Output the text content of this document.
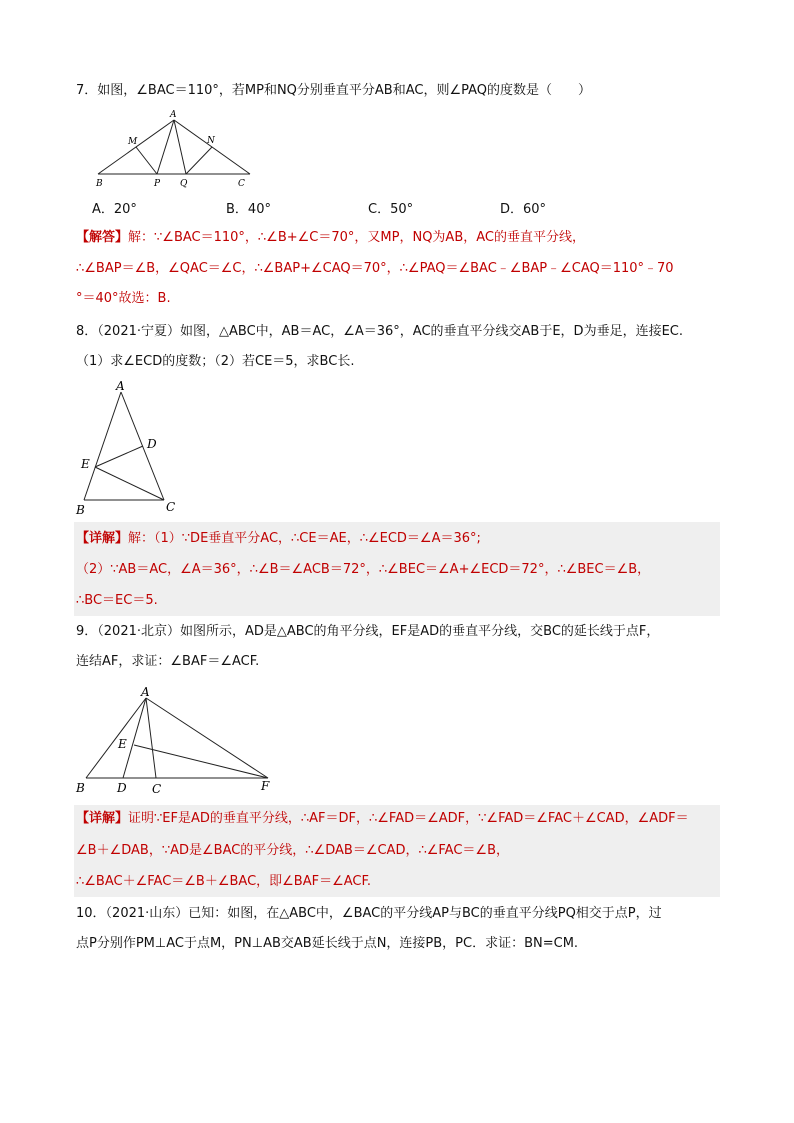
7．如图，∠BAC＝110°，若MP和NQ分别垂直平分AB和AC，则∠PAQ的度数是（　　）
A
M	N
B	P Q	C
A．20°	B．40°	C．50°	D．60°
【解答】解：∵∠BAC＝110°，∴∠B+∠C＝70°，又MP，NQ为AB，AC的垂直平分线，
∴∠BAP＝∠B，∠QAC＝∠C，∴∠BAP+∠CAQ＝70°，∴∠PAQ＝∠BAC﹣∠BAP﹣∠CAQ＝110°﹣70
°＝40°故选：B.
8．（2021·宁夏）如图，△ABC中，AB＝AC，∠A＝36°，AC的垂直平分线交AB于E，D为垂足，连接EC.
（1）求∠ECD的度数；（2）若CE＝5，求BC长.
A
D
E
B	C
【详解】解：（1）∵DE垂直平分AC，∴CE＝AE，∴∠ECD＝∠A＝36°;
（2）∵AB＝AC，∠A＝36°，∴∠B＝∠ACB＝72°，∴∠BEC＝∠A+∠ECD＝72°，∴∠BEC＝∠B，
∴BC＝EC＝5.
9．（2021·北京）如图所示，AD是△ABC的角平分线，EF是AD的垂直平分线，交BC的延长线于点F，
连结AF，求证：∠BAF＝∠ACF.
A
E
B	D C	F
【详解】证明∵EF是AD的垂直平分线，∴AF＝DF，∴∠FAD＝∠ADF，∵∠FAD＝∠FAC＋∠CAD，∠ADF＝
∠B＋∠DAB，∵AD是∠BAC的平分线，∴∠DAB＝∠CAD，∴∠FAC＝∠B，
∴∠BAC＋∠FAC＝∠B＋∠BAC，即∠BAF＝∠ACF.
10．（2021·山东）已知：如图，在△ABC中，∠BAC的平分线AP与BC的垂直平分线PQ相交于点P，过
点P分别作PM⊥AC于点M，PN⊥AB交AB延长线于点N，连接PB，PC．求证：BN=CM.
